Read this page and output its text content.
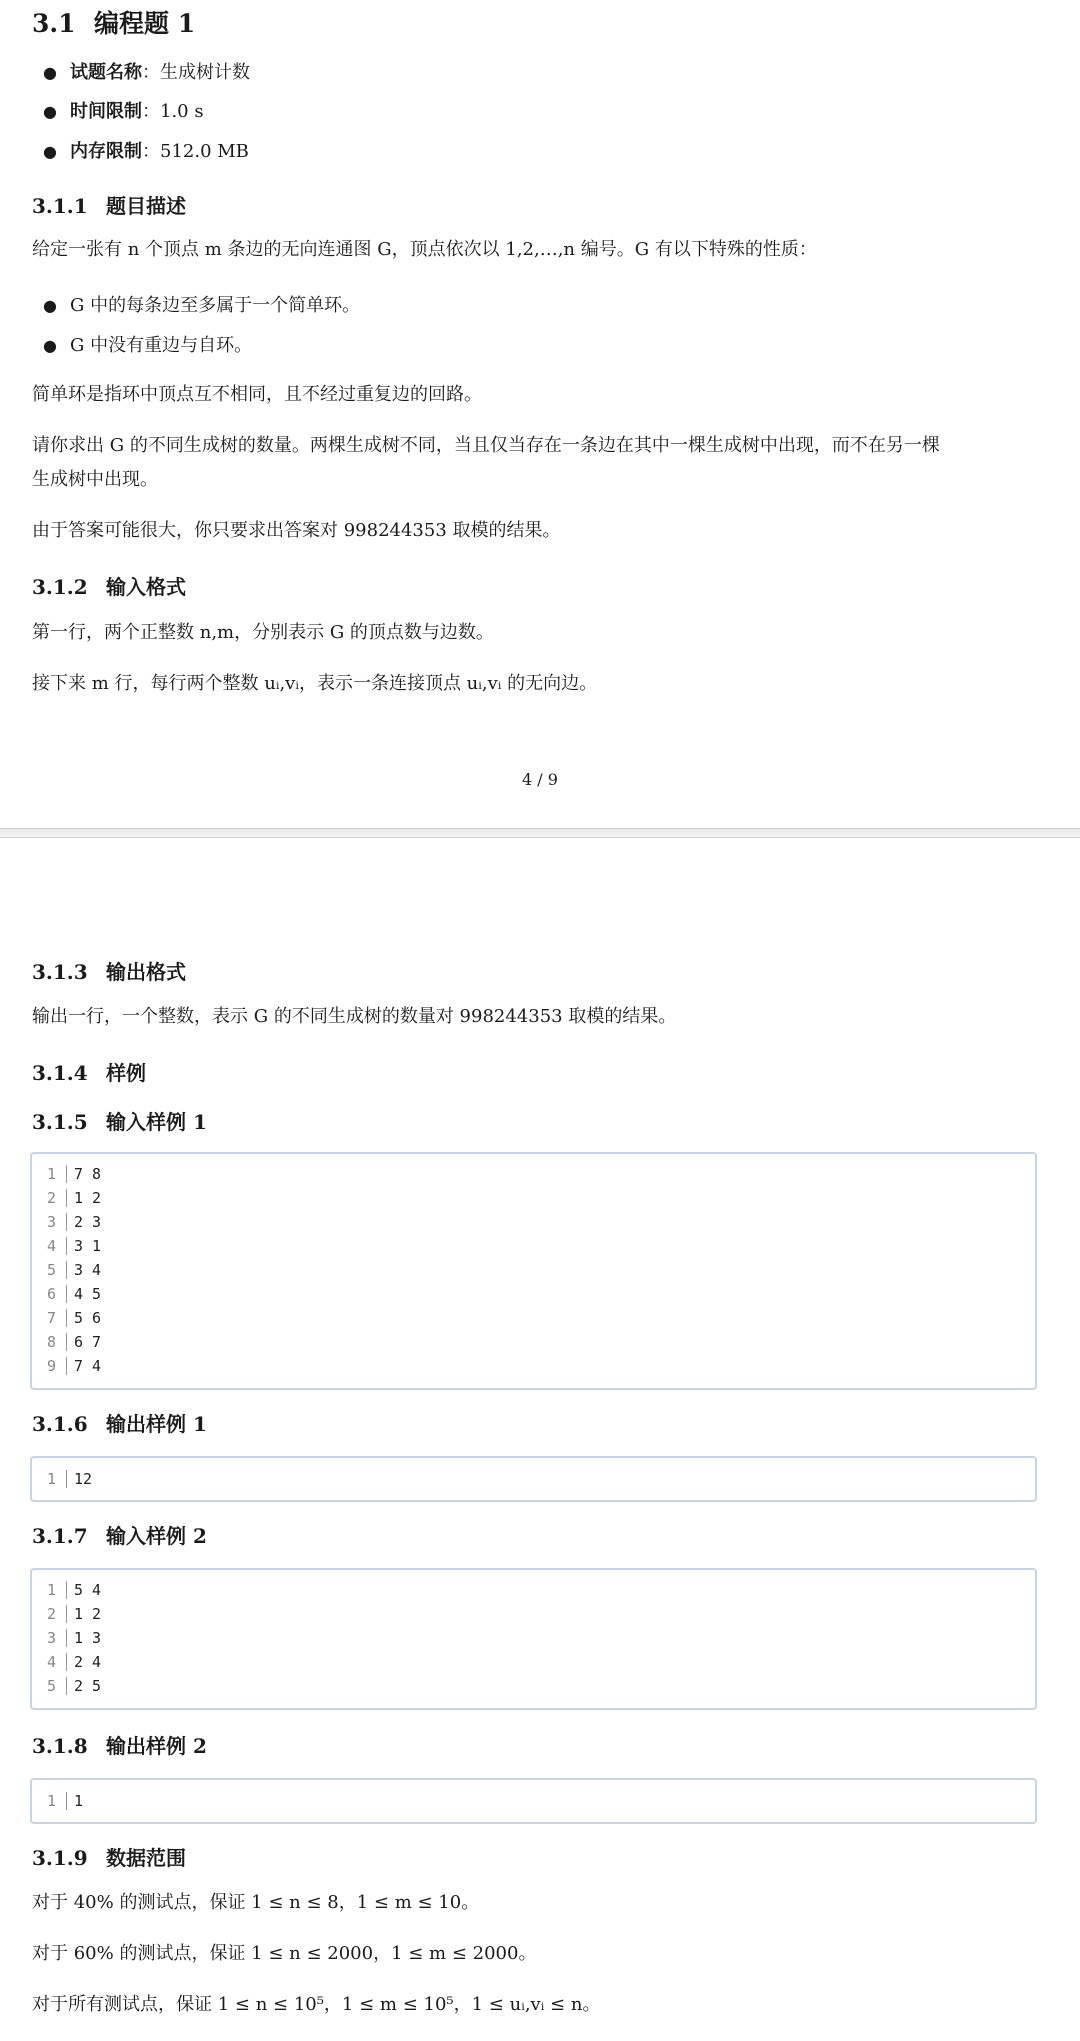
3.1 编程题 1
● 试题名称：生成树计数
● 时间限制：1.0 s
● 内存限制：512.0 MB
3.1.1 题目描述
给定一张有 n 个顶点 m 条边的无向连通图 G，顶点依次以 1,2,…,n 编号。G 有以下特殊的性质：
● G 中的每条边至多属于一个简单环。
● G 中没有重边与自环。
简单环是指环中顶点互不相同，且不经过重复边的回路。
请你求出 G 的不同生成树的数量。两棵生成树不同，当且仅当存在一条边在其中一棵生成树中出现，而不在另一棵
生成树中出现。
由于答案可能很大，你只要求出答案对 998244353 取模的结果。
3.1.2 输入格式
第一行，两个正整数 n,m，分别表示 G 的顶点数与边数。
接下来 m 行，每行两个整数 uᵢ,vᵢ，表示一条连接顶点 uᵢ,vᵢ 的无向边。
4 / 9
3.1.3 输出格式
输出一行，一个整数，表示 G 的不同生成树的数量对 998244353 取模的结果。
3.1.4 样例
3.1.5 输入样例 1
1	7 8
2	1 2
3	2 3
4	3 1
5	3 4
6	4 5
7	5 6
8	6 7
9	7 4
3.1.6 输出样例 1
1	12
3.1.7 输入样例 2
1	5 4
2	1 2
3	1 3
4	2 4
5	2 5
3.1.8 输出样例 2
1	1
3.1.9 数据范围
对于 40% 的测试点，保证 1 ≤ n ≤ 8，1 ≤ m ≤ 10。
对于 60% 的测试点，保证 1 ≤ n ≤ 2000，1 ≤ m ≤ 2000。
对于所有测试点，保证 1 ≤ n ≤ 10⁵，1 ≤ m ≤ 10⁵，1 ≤ uᵢ,vᵢ ≤ n。
